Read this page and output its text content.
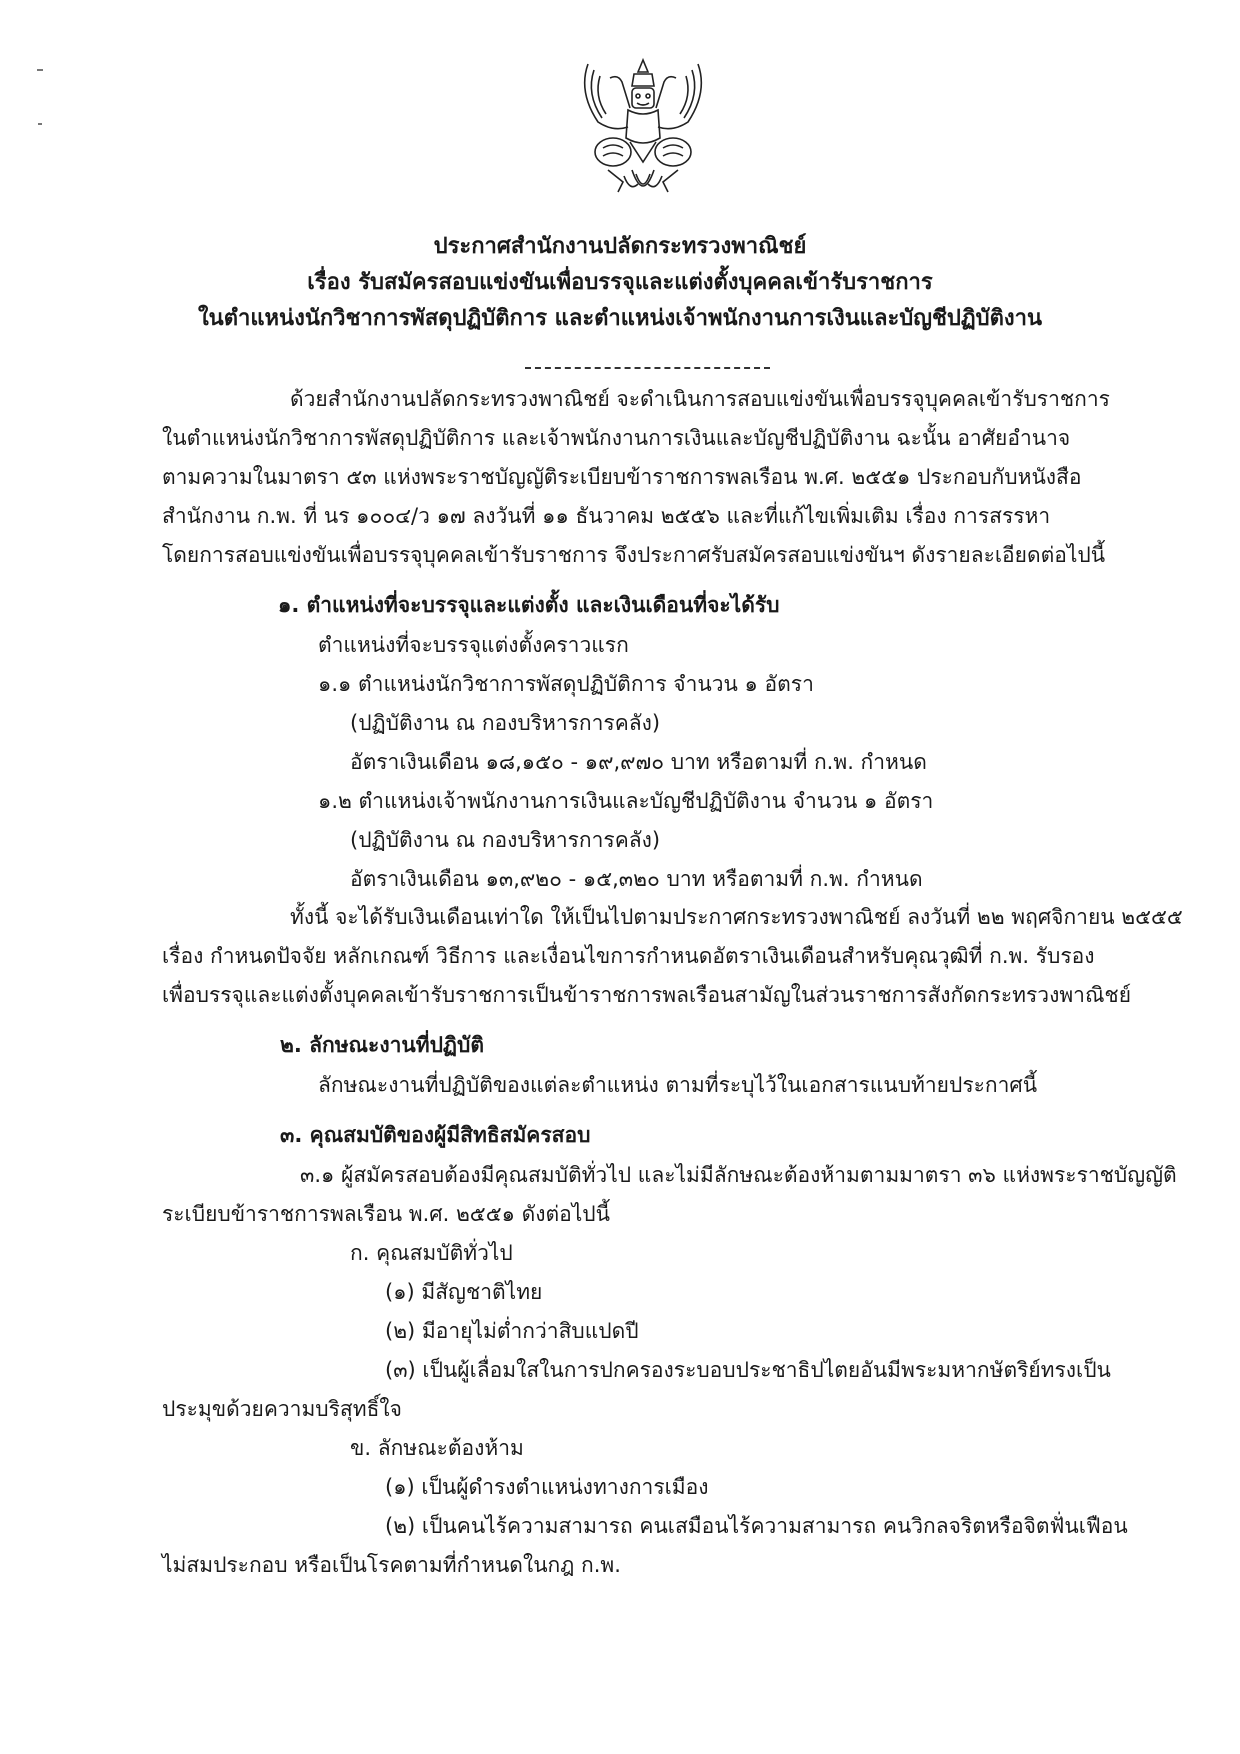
ประกาศสำนักงานปลัดกระทรวงพาณิชย์
เรื่อง รับสมัครสอบแข่งขันเพื่อบรรจุและแต่งตั้งบุคคลเข้ารับราชการ
ในตำแหน่งนักวิชาการพัสดุปฏิบัติการ และตำแหน่งเจ้าพนักงานการเงินและบัญชีปฏิบัติงาน
ด้วยสำนักงานปลัดกระทรวงพาณิชย์ จะดำเนินการสอบแข่งขันเพื่อบรรจุบุคคลเข้ารับราชการ
ในตำแหน่งนักวิชาการพัสดุปฏิบัติการ และเจ้าพนักงานการเงินและบัญชีปฏิบัติงาน ฉะนั้น อาศัยอำนาจ
ตามความในมาตรา ๕๓ แห่งพระราชบัญญัติระเบียบข้าราชการพลเรือน พ.ศ. ๒๕๕๑ ประกอบกับหนังสือ
สำนักงาน ก.พ. ที่ นร ๑๐๐๔/ว ๑๗ ลงวันที่ ๑๑ ธันวาคม ๒๕๕๖ และที่แก้ไขเพิ่มเติม เรื่อง การสรรหา
โดยการสอบแข่งขันเพื่อบรรจุบุคคลเข้ารับราชการ จึงประกาศรับสมัครสอบแข่งขันฯ ดังรายละเอียดต่อไปนี้
๑. ตำแหน่งที่จะบรรจุและแต่งตั้ง และเงินเดือนที่จะได้รับ
ตำแหน่งที่จะบรรจุแต่งตั้งคราวแรก
๑.๑ ตำแหน่งนักวิชาการพัสดุปฏิบัติการ จำนวน ๑ อัตรา
(ปฏิบัติงาน ณ กองบริหารการคลัง)
อัตราเงินเดือน ๑๘,๑๕๐ - ๑๙,๙๗๐ บาท หรือตามที่ ก.พ. กำหนด
๑.๒ ตำแหน่งเจ้าพนักงานการเงินและบัญชีปฏิบัติงาน จำนวน ๑ อัตรา
(ปฏิบัติงาน ณ กองบริหารการคลัง)
อัตราเงินเดือน ๑๓,๙๒๐ - ๑๕,๓๒๐ บาท หรือตามที่ ก.พ. กำหนด
ทั้งนี้ จะได้รับเงินเดือนเท่าใด ให้เป็นไปตามประกาศกระทรวงพาณิชย์ ลงวันที่ ๒๒ พฤศจิกายน ๒๕๕๕
เรื่อง กำหนดปัจจัย หลักเกณฑ์ วิธีการ และเงื่อนไขการกำหนดอัตราเงินเดือนสำหรับคุณวุฒิที่ ก.พ. รับรอง
เพื่อบรรจุและแต่งตั้งบุคคลเข้ารับราชการเป็นข้าราชการพลเรือนสามัญในส่วนราชการสังกัดกระทรวงพาณิชย์
๒. ลักษณะงานที่ปฏิบัติ
ลักษณะงานที่ปฏิบัติของแต่ละตำแหน่ง ตามที่ระบุไว้ในเอกสารแนบท้ายประกาศนี้
๓. คุณสมบัติของผู้มีสิทธิสมัครสอบ
๓.๑ ผู้สมัครสอบต้องมีคุณสมบัติทั่วไป และไม่มีลักษณะต้องห้ามตามมาตรา ๓๖ แห่งพระราชบัญญัติ
ระเบียบข้าราชการพลเรือน พ.ศ. ๒๕๕๑ ดังต่อไปนี้
ก. คุณสมบัติทั่วไป
(๑) มีสัญชาติไทย
(๒) มีอายุไม่ต่ำกว่าสิบแปดปี
(๓) เป็นผู้เลื่อมใสในการปกครองระบอบประชาธิปไตยอันมีพระมหากษัตริย์ทรงเป็น
ประมุขด้วยความบริสุทธิ์ใจ
ข. ลักษณะต้องห้าม
(๑) เป็นผู้ดำรงตำแหน่งทางการเมือง
(๒) เป็นคนไร้ความสามารถ คนเสมือนไร้ความสามารถ คนวิกลจริตหรือจิตฟั่นเฟือน
ไม่สมประกอบ หรือเป็นโรคตามที่กำหนดในกฎ ก.พ.
